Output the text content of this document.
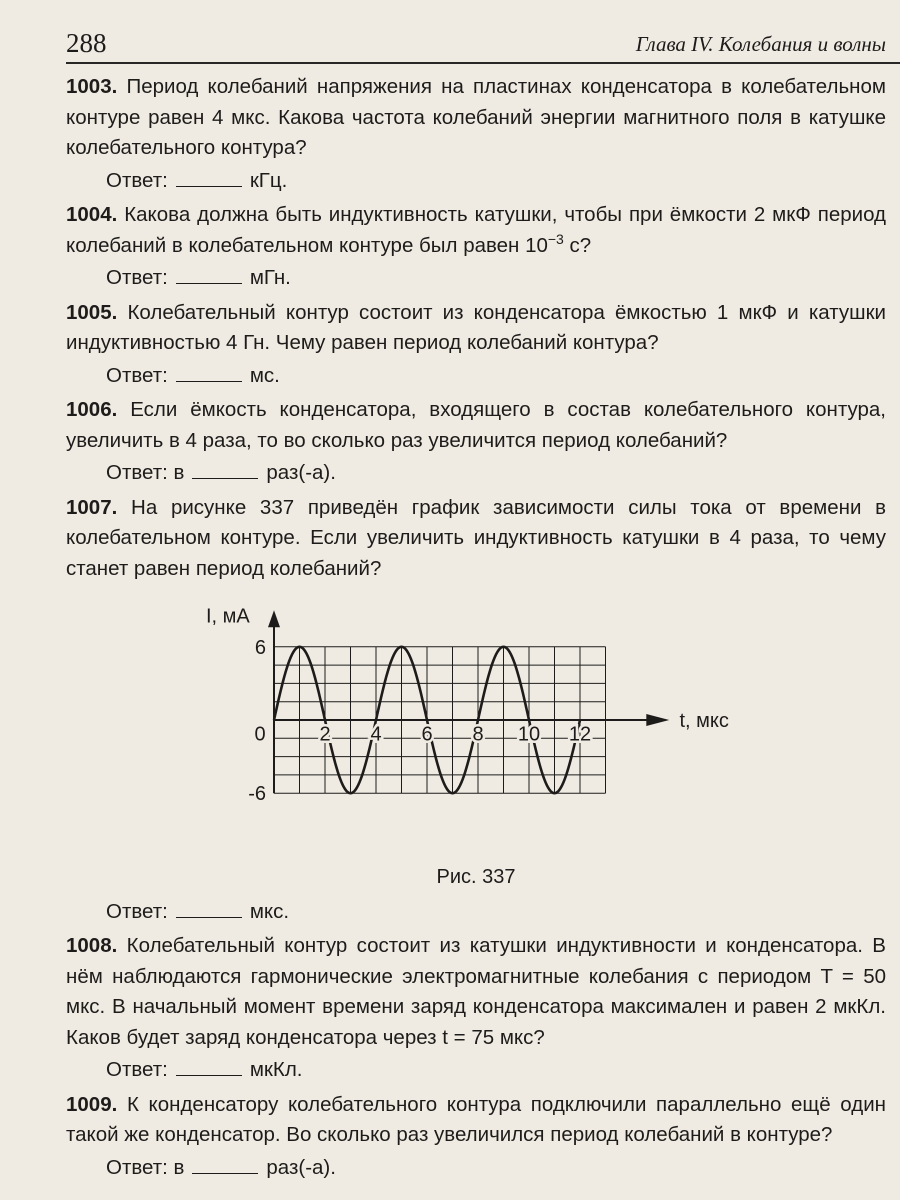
288	Глава IV. Колебания и волны

1003. Период колебаний напряжения на пластинах конденсатора в колебательном контуре равен 4 мкс. Какова частота колебаний энергии магнитного поля в катушке колебательного контура?

Ответ:	кГц.

1004. Какова должна быть индуктивность катушки, чтобы при ёмкости 2 мкФ период колебаний в колебательном контуре был равен $10^{-3}$ с?

Ответ:	мГн.

1005. Колебательный контур состоит из конденсатора ёмкостью 1 мкФ и катушки индуктивностью 4 Гн. Чему равен период колебаний контура?

Ответ:	мс.

1006. Если ёмкость конденсатора, входящего в состав колебательного контура, увеличить в 4 раза, то во сколько раз увеличится период колебаний?

Ответ: в	раз(-а).

1007. На рисунке 337 приведён график зависимости силы тока от времени в колебательном контуре. Если увеличить индуктивность катушки в 4 раза, то чему станет равен период колебаний?

2 4 6 8 10 12
0
6
-6
I, мА
t, мкс

Рис. 337

Ответ:	мкс.

1008. Колебательный контур состоит из катушки индуктивности и конденсатора. В нём наблюдаются гармонические электромагнитные колебания с периодом T = 50 мкс. В начальный момент времени заряд конденсатора максимален и равен 2 мкКл. Каков будет заряд конденсатора через t = 75 мкс?

Ответ:	мкКл.

1009. К конденсатору колебательного контура подключили параллельно ещё один такой же конденсатор. Во сколько раз увеличился период колебаний в контуре?

Ответ: в	раз(-а).
